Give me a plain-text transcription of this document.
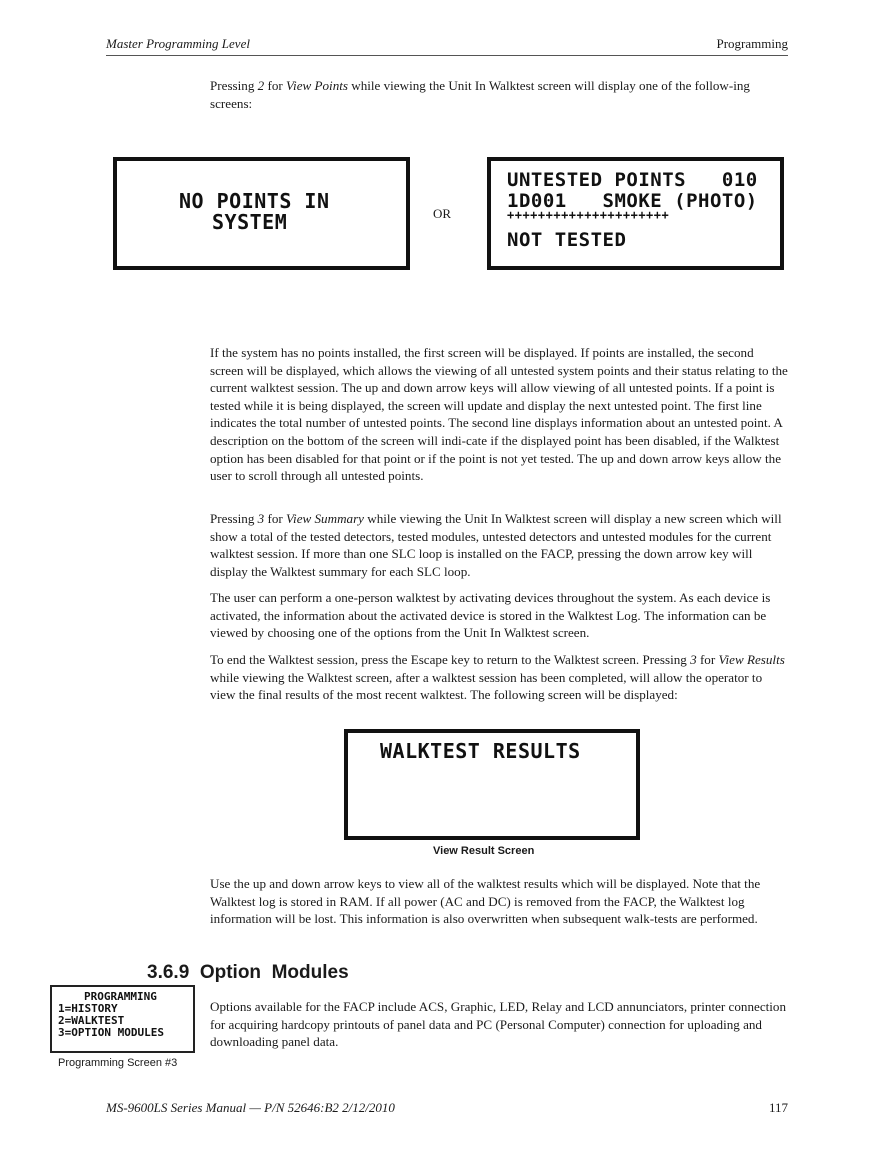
Master Programming Level	Programming
Pressing 2 for View Points while viewing the Unit In Walktest screen will display one of the follow-ing screens:
NO POINTS IN
SYSTEM	OR
UNTESTED POINTS   010
1D001   SMOKE (PHOTO)
+++++++++++++++++++++
NOT TESTED
If the system has no points installed, the first screen will be displayed. If points are installed, the second screen will be displayed, which allows the viewing of all untested system points and their status relating to the current walktest session. The up and down arrow keys will allow viewing of all untested points. If a point is tested while it is being displayed, the screen will update and display the next untested point. The first line indicates the total number of untested points. The second line displays information about an untested point. A description on the bottom of the screen will indi-cate if the displayed point has been disabled, if the Walktest option has been disabled for that point or if the point is not yet tested. The up and down arrow keys allow the user to scroll through all untested points.
Pressing 3 for View Summary while viewing the Unit In Walktest screen will display a new screen which will show a total of the tested detectors, tested modules, untested detectors and untested modules for the current walktest session. If more than one SLC loop is installed on the FACP, pressing the down arrow key will display the Walktest summary for each SLC loop.
The user can perform a one-person walktest by activating devices throughout the system. As each device is activated, the information about the activated device is stored in the Walktest Log. The information can be viewed by choosing one of the options from the Unit In Walktest screen.
To end the Walktest session, press the Escape key to return to the Walktest screen. Pressing 3 for View Results while viewing the Walktest screen, after a walktest session has been completed, will allow the operator to view the final results of the most recent walktest. The following screen will be displayed:
WALKTEST RESULTS
View Result Screen
Use the up and down arrow keys to view all of the walktest results which will be displayed. Note that the Walktest log is stored in RAM. If all power (AC and DC) is removed from the FACP, the Walktest log information will be lost. This information is also overwritten when subsequent walk-tests are performed.
3.6.9 Option  Modules
PROGRAMMING
1=HISTORY
2=WALKTEST
3=OPTION MODULES
Programming Screen #3
Options available for the FACP include ACS, Graphic, LED, Relay and LCD annunciators, printer connection for acquiring hardcopy printouts of panel data and PC (Personal Computer) connection for uploading and downloading panel data.
MS-9600LS Series Manual — P/N 52646:B2 2/12/2010	117
